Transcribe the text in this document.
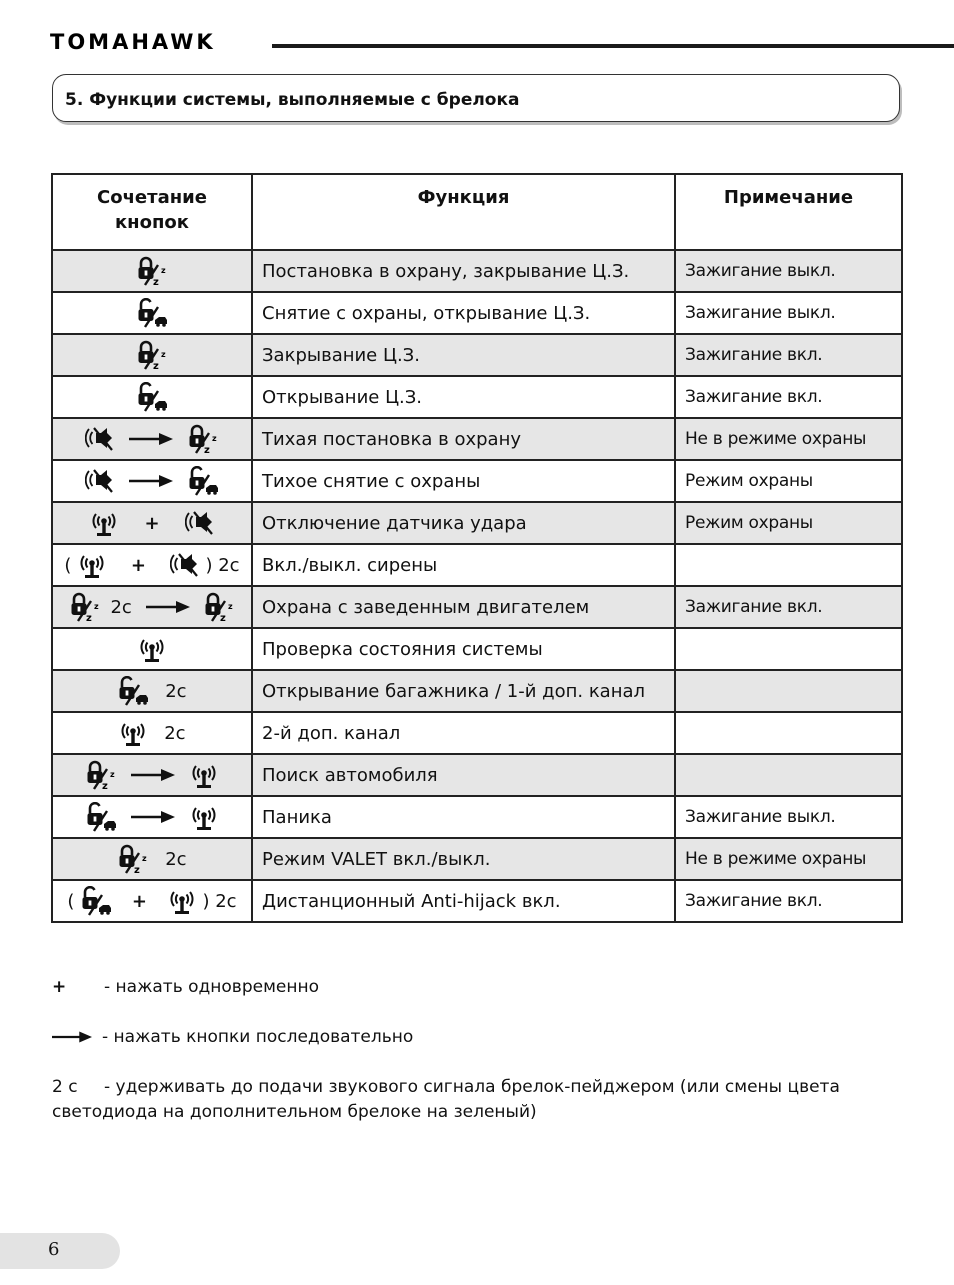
TOMAHAWK
5. Функции системы, выполняемые с брелока
Сочетание кнопок	Функция	Примечание
	Постановка в охрану, закрывание Ц.З.	Зажигание выкл.
	Снятие с охраны, открывание Ц.З.	Зажигание выкл.
	Закрывание Ц.З.	Зажигание вкл.
	Открывание Ц.З.	Зажигание вкл.
	Тихая постановка в охрану	Не в режиме охраны
	Тихое снятие с охраны	Режим охраны
+	Отключение датчика удара	Режим охраны
( + ) 2с	Вкл./выкл. сирены	
2с	Охрана с заведенным двигателем	Зажигание вкл.
	Проверка состояния системы	
2с	Открывание багажника / 1-й доп. канал	
2с	2-й доп. канал	
	Поиск автомобиля	
	Паника	Зажигание выкл.
2с	Режим VALET вкл./выкл.	Не в режиме охраны
( + ) 2с	Дистанционный Anti-hijack вкл.	Зажигание вкл.
+ - нажать одновременно
- нажать кнопки последовательно
2 с - удерживать до подачи звукового сигнала брелок-пейджером (или смены цвета светодиода на дополнительном брелоке на зеленый)
6
